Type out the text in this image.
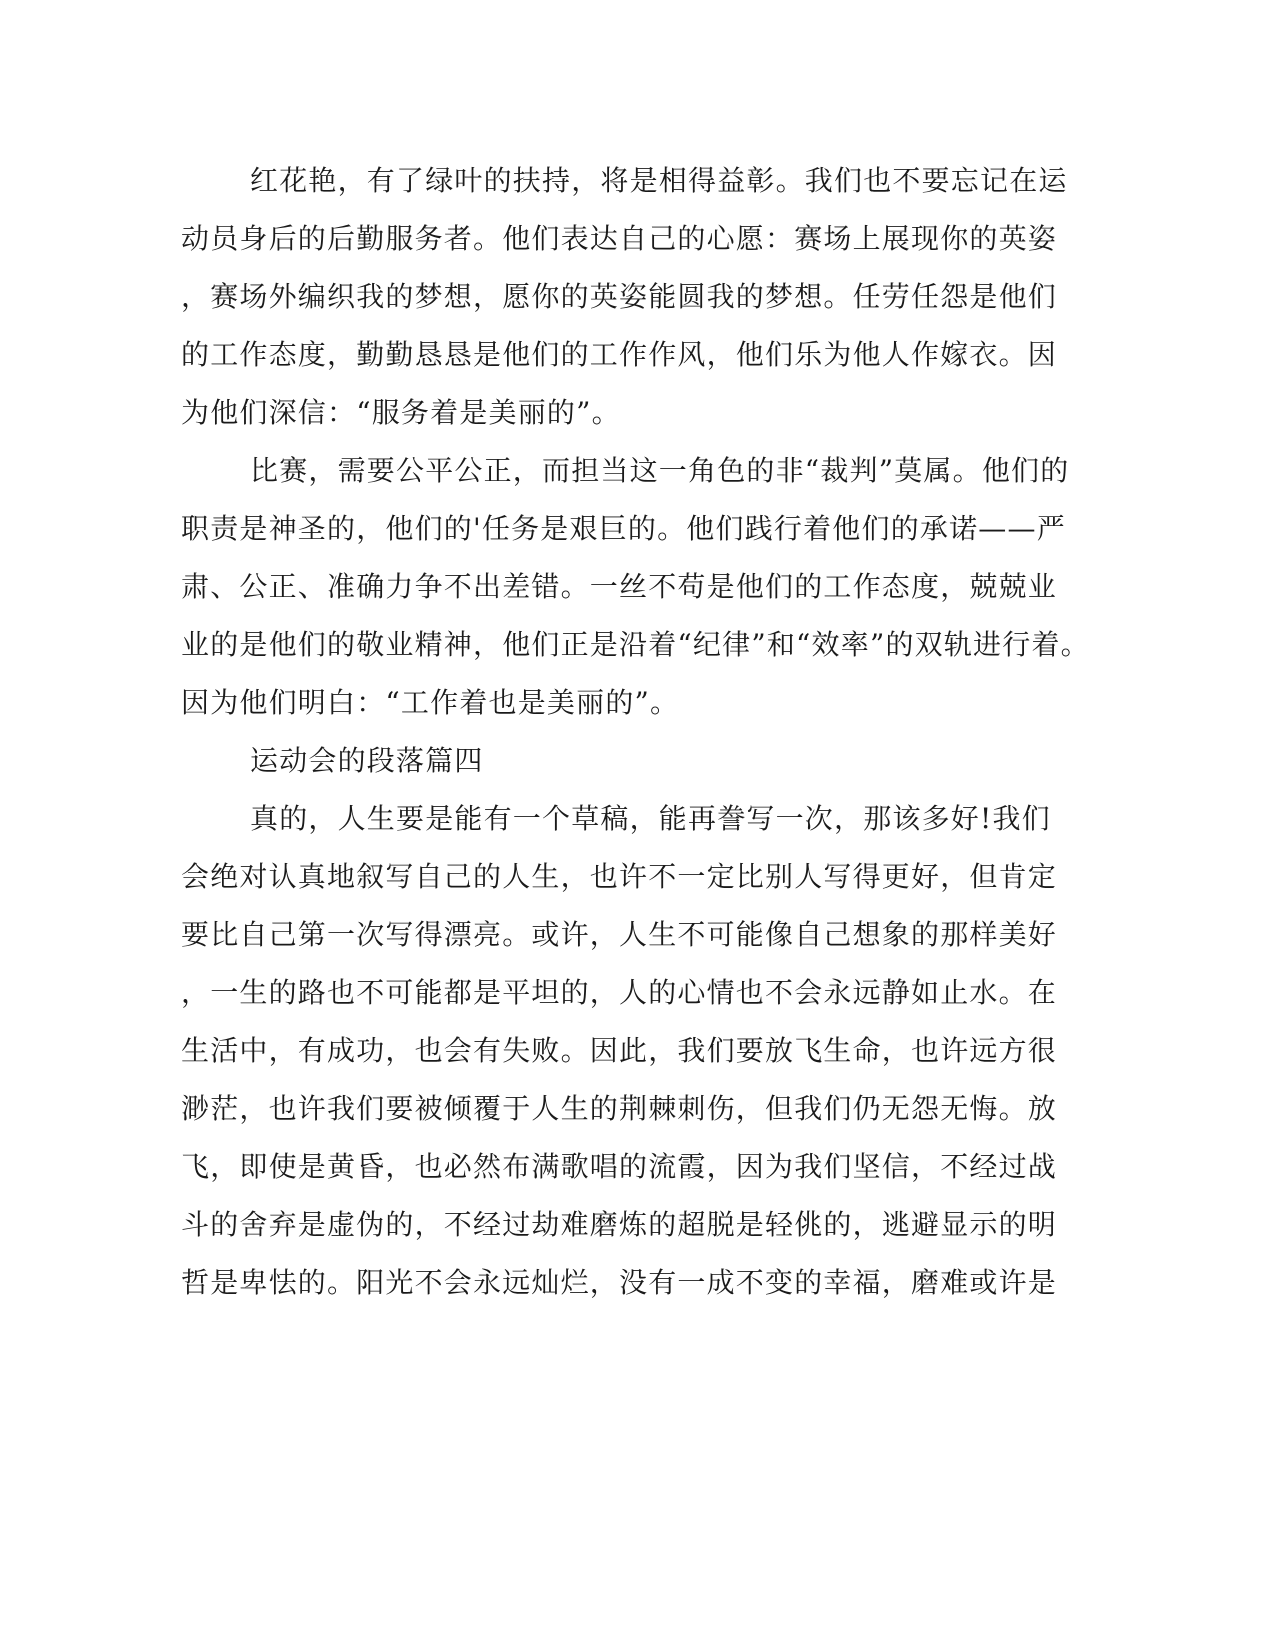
红花艳，有了绿叶的扶持，将是相得益彰。我们也不要忘记在运
动员身后的后勤服务者。他们表达自己的心愿：赛场上展现你的英姿
，赛场外编织我的梦想，愿你的英姿能圆我的梦想。任劳任怨是他们
的工作态度，勤勤恳恳是他们的工作作风，他们乐为他人作嫁衣。因
为他们深信：“服务着是美丽的”。
比赛，需要公平公正，而担当这一角色的非“裁判”莫属。他们的
职责是神圣的，他们的'任务是艰巨的。他们践行着他们的承诺——严
肃、公正、准确力争不出差错。一丝不苟是他们的工作态度，兢兢业
业的是他们的敬业精神，他们正是沿着“纪律”和“效率”的双轨进行着。
因为他们明白：“工作着也是美丽的”。
运动会的段落篇四
真的，人生要是能有一个草稿，能再誊写一次，那该多好!我们
会绝对认真地叙写自己的人生，也许不一定比别人写得更好，但肯定
要比自己第一次写得漂亮。或许，人生不可能像自己想象的那样美好
，一生的路也不可能都是平坦的，人的心情也不会永远静如止水。在
生活中，有成功，也会有失败。因此，我们要放飞生命，也许远方很
渺茫，也许我们要被倾覆于人生的荆棘刺伤，但我们仍无怨无悔。放
飞，即使是黄昏，也必然布满歌唱的流霞，因为我们坚信，不经过战
斗的舍弃是虚伪的，不经过劫难磨炼的超脱是轻佻的，逃避显示的明
哲是卑怯的。阳光不会永远灿烂，没有一成不变的幸福，磨难或许是
